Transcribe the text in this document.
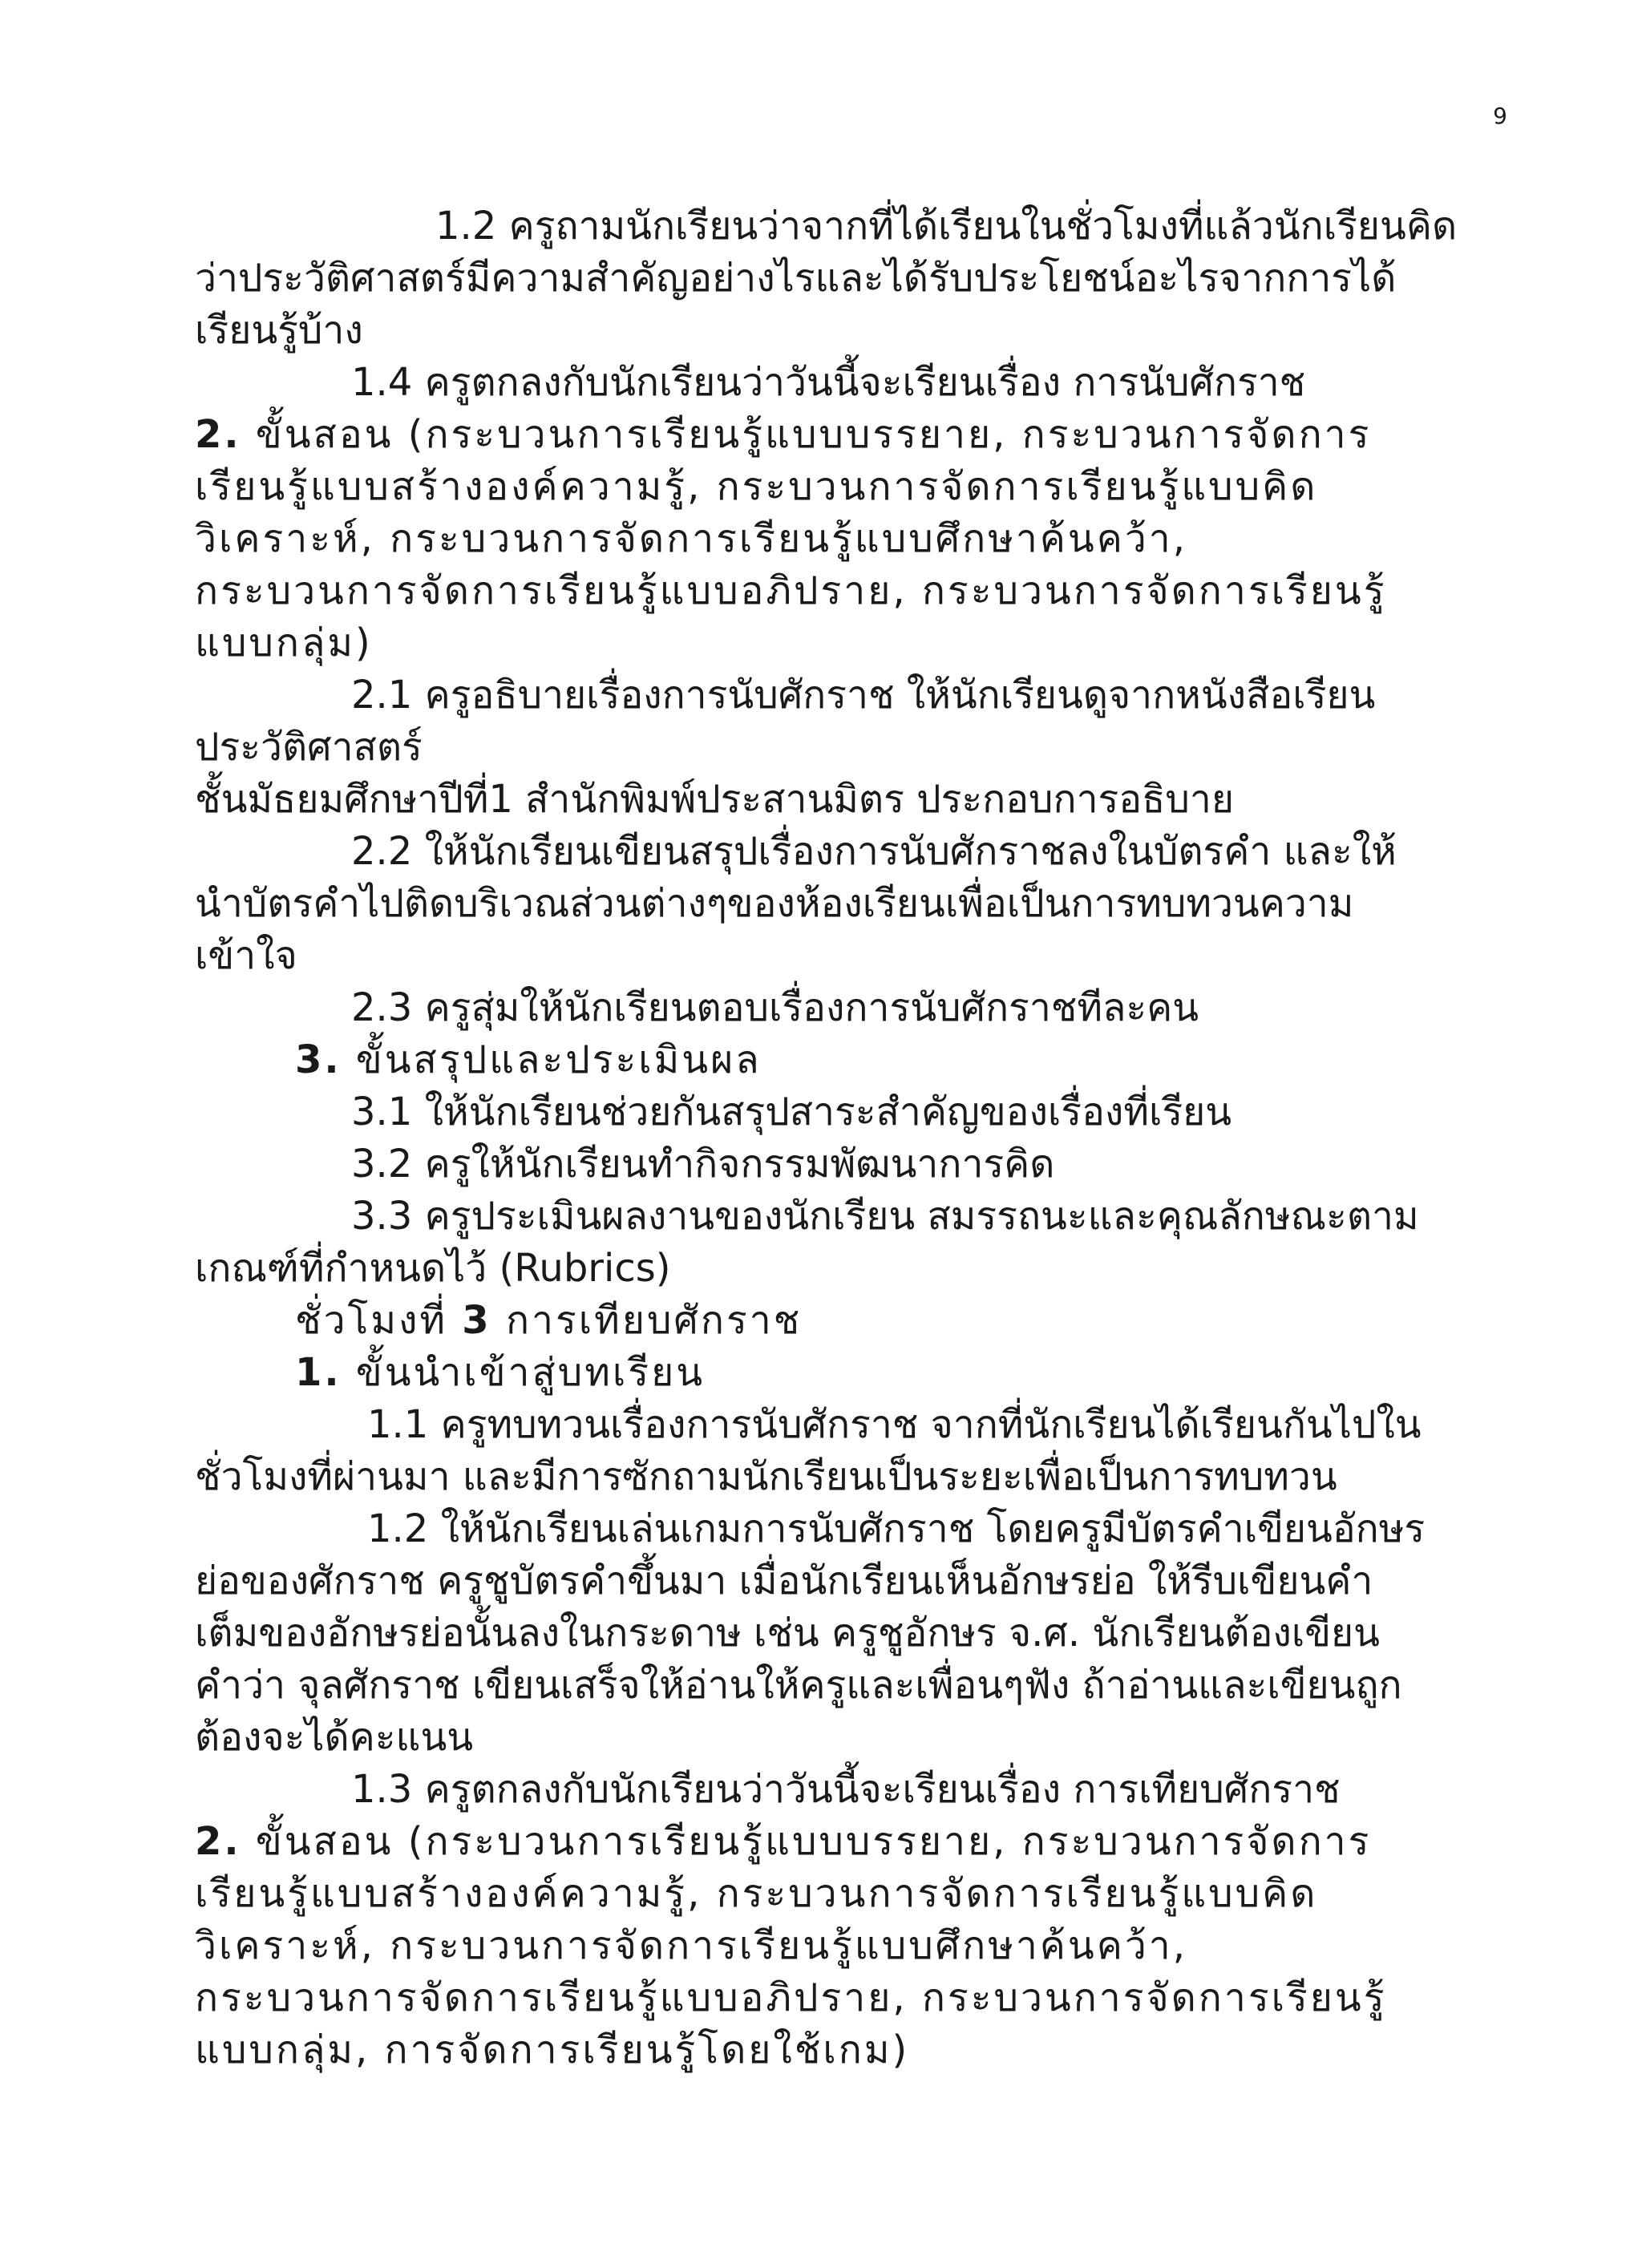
9
1.2 ครูถามนักเรียนว่าจากที่ได้เรียนในชั่วโมงที่แล้วนักเรียนคิด
ว่าประวัติศาสตร์มีความสำคัญอย่างไรและได้รับประโยชน์อะไรจากการได้
เรียนรู้บ้าง
1.4 ครูตกลงกับนักเรียนว่าวันนี้จะเรียนเรื่อง การนับศักราช
2. ขั้นสอน (กระบวนการเรียนรู้แบบบรรยาย, กระบวนการจัดการ
เรียนรู้แบบสร้างองค์ความรู้, กระบวนการจัดการเรียนรู้แบบคิด
วิเคราะห์, กระบวนการจัดการเรียนรู้แบบศึกษาค้นคว้า,
กระบวนการจัดการเรียนรู้แบบอภิปราย, กระบวนการจัดการเรียนรู้
แบบกลุ่ม)
2.1 ครูอธิบายเรื่องการนับศักราช ให้นักเรียนดูจากหนังสือเรียน
ประวัติศาสตร์
ชั้นมัธยมศึกษาปีที่1 สำนักพิมพ์ประสานมิตร ประกอบการอธิบาย
2.2 ให้นักเรียนเขียนสรุปเรื่องการนับศักราชลงในบัตรคำ และให้
นำบัตรคำไปติดบริเวณส่วนต่างๆของห้องเรียนเพื่อเป็นการทบทวนความ
เข้าใจ
2.3 ครูสุ่มให้นักเรียนตอบเรื่องการนับศักราชทีละคน
3. ขั้นสรุปและประเมินผล
3.1 ให้นักเรียนช่วยกันสรุปสาระสำคัญของเรื่องที่เรียน
3.2 ครูให้นักเรียนทำกิจกรรมพัฒนาการคิด
3.3 ครูประเมินผลงานของนักเรียน สมรรถนะและคุณลักษณะตาม
เกณฑ์ที่กำหนดไว้ (Rubrics)
ชั่วโมงที่ 3 การเทียบศักราช
1. ขั้นนำเข้าสู่บทเรียน
1.1 ครูทบทวนเรื่องการนับศักราช จากที่นักเรียนได้เรียนกันไปใน
ชั่วโมงที่ผ่านมา และมีการซักถามนักเรียนเป็นระยะเพื่อเป็นการทบทวน
1.2 ให้นักเรียนเล่นเกมการนับศักราช โดยครูมีบัตรคำเขียนอักษร
ย่อของศักราช ครูชูบัตรคำขึ้นมา เมื่อนักเรียนเห็นอักษรย่อ ให้รีบเขียนคำ
เต็มของอักษรย่อนั้นลงในกระดาษ เช่น ครูชูอักษร จ.ศ. นักเรียนต้องเขียน
คำว่า จุลศักราช เขียนเสร็จให้อ่านให้ครูและเพื่อนๆฟัง ถ้าอ่านและเขียนถูก
ต้องจะได้คะแนน
1.3 ครูตกลงกับนักเรียนว่าวันนี้จะเรียนเรื่อง การเทียบศักราช
2. ขั้นสอน (กระบวนการเรียนรู้แบบบรรยาย, กระบวนการจัดการ
เรียนรู้แบบสร้างองค์ความรู้, กระบวนการจัดการเรียนรู้แบบคิด
วิเคราะห์, กระบวนการจัดการเรียนรู้แบบศึกษาค้นคว้า,
กระบวนการจัดการเรียนรู้แบบอภิปราย, กระบวนการจัดการเรียนรู้
แบบกลุ่ม, การจัดการเรียนรู้โดยใช้เกม)
